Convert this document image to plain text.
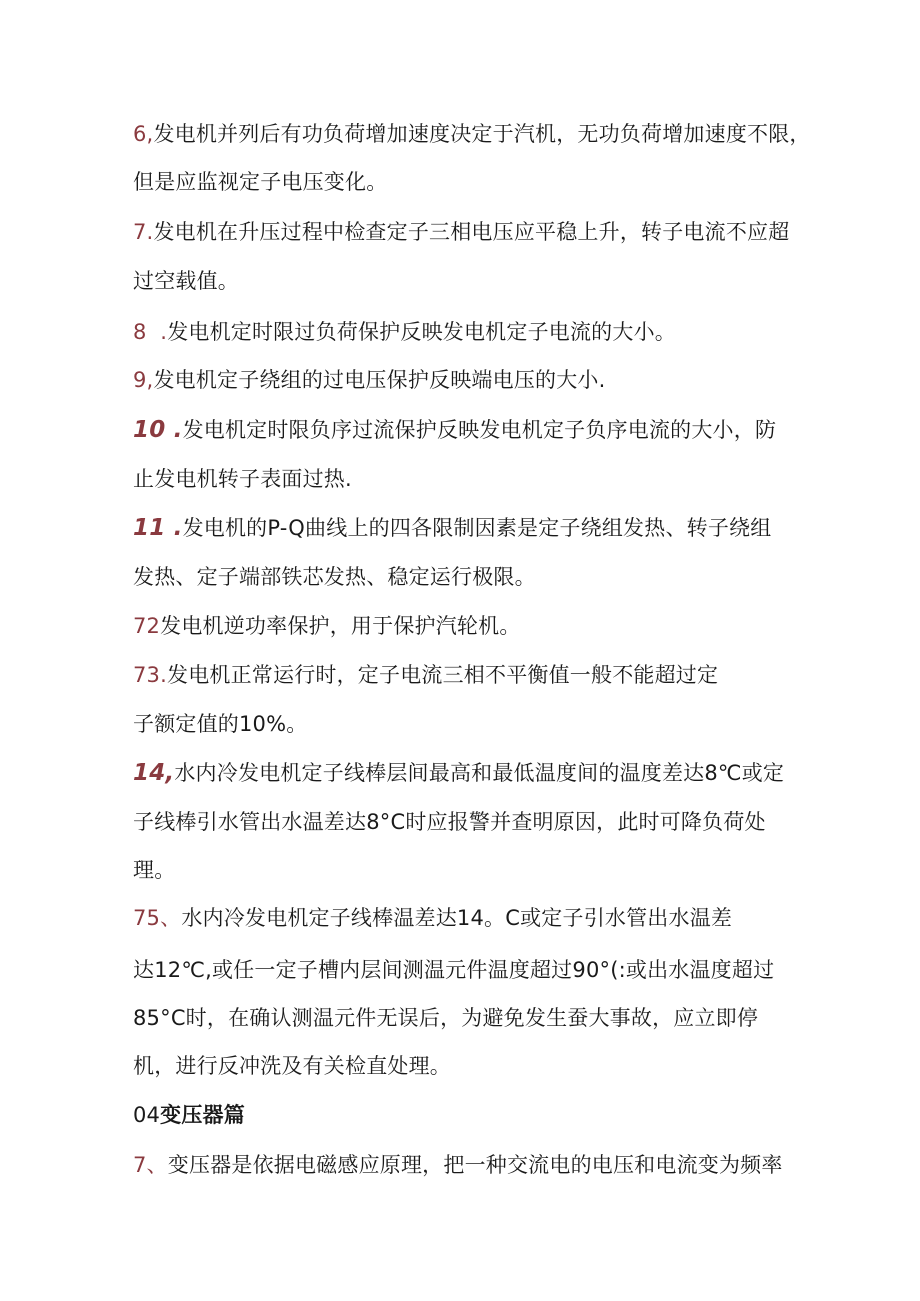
6,发电机并列后有功负荷增加速度决定于汽机，无功负荷增加速度不限，
但是应监视定子电压变化。
7.发电机在升压过程中检查定子三相电压应平稳上升，转子电流不应超
过空载值。
8  .发电机定时限过负荷保护反映发电机定子电流的大小。
9,发电机定子绕组的过电压保护反映端电压的大小.
10 .发电机定时限负序过流保护反映发电机定子负序电流的大小，防
止发电机转子表面过热.
11 .发电机的P-Q曲线上的四各限制因素是定子绕组发热、转子绕组
发热、定子端部铁芯发热、稳定运行极限。
72发电机逆功率保护，用于保护汽轮机。
73.发电机正常运行时，定子电流三相不平衡值一般不能超过定
子额定值的10%。
14,水内冷发电机定子线棒层间最高和最低温度间的温度差达8℃或定
子线棒引水管出水温差达8°C时应报警并查明原因，此时可降负荷处
理。
75、水内冷发电机定子线棒温差达14。C或定子引水管出水温差
达12℃,或任一定子槽内层间测温元件温度超过90°(:或出水温度超过
85°C时，在确认测温元件无误后，为避免发生蚕大事故，应立即停
机，进行反冲洗及有关检直处理。
04变压器篇
7、变压器是依据电磁感应原理，把一种交流电的电压和电流变为频率
